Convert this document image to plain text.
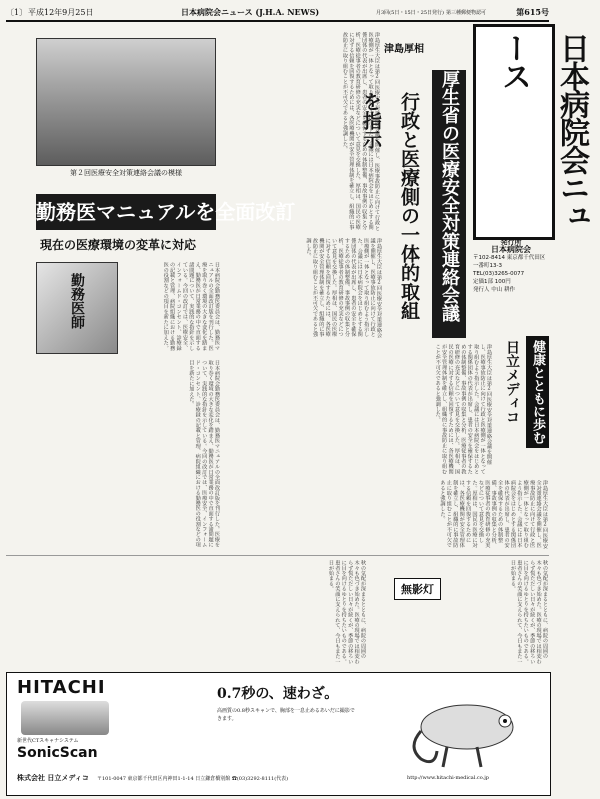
〔1〕 平成12年9月25日	日本病院会ニュース (J.H.A. NEWS)	月3回(5日・15日・25日発行) 第三種郵便物認可	第615号
日本病院会ニュース
発行所
日本病院会
〒102-8414 東京都千代田区一番町13-3
TEL(03)3265-0077
定価1部 100円
発行人 中山 耕作
健康とともに歩む
日立メディコ
厚生省の医療安全対策連絡会議
行政と医療側の一体的取組を指示
津島厚相
津島厚生大臣は第2回医療安全対策連絡会議を開催し、医療事故防止に向けて行政と医療側が一体となって取り組むよう指示した。会議には日本病院会をはじめとする関係団体の代表が出席し、患者の安全を確保するための体制整備、事故事例の収集と分析、医療従事者の教育研修の充実などについて意見を交換した。厚相は、国民の医療に対する信頼を回復するためには、各医療機関が安全管理体制を確立し、組織的に事故防止に取り組むことが不可欠であると強調した。
第２回医療安全対策連絡会議の模様
津島厚生大臣は第2回医療安全対策連絡会議を開催し、医療事故防止に向けて行政と医療側が一体となって取り組むよう指示した。会議には日本病院会をはじめとする関係団体の代表が出席し、患者の安全を確保するための体制整備、事故事例の収集と分析、医療従事者の教育研修の充実などについて意見を交換した。厚相は、国民の医療に対する信頼を回復するためには、各医療機関が安全管理体制を確立し、組織的に事故防止に取り組むことが不可欠であると強調した。
勤務医マニュアルを全面改訂
現在の医療環境の変革に対応
勤務医師	日本病院会勤務医委員会は、勤務医マニュアルの全面改訂版を刊行した。医療を取り巻く環境の大きな変化を踏まえ、勤務医が日常業務の中で直面する諸問題について、実践的な指針を示している。今回の改訂では、医療安全、インフォームド・コンセント、診療録の記載と管理、病院組織における勤務医の役割などの項目を新たに加えた。
日本病院会勤務医委員会は、勤務医マニュアルの全面改訂版を刊行した。医療を取り巻く環境の大きな変化を踏まえ、勤務医が日常業務の中で直面する諸問題について、実践的な指針を示している。今回の改訂では、医療安全、インフォームド・コンセント、診療録の記載と管理、病院組織における勤務医の役割などの項目を新たに加えた。	津島厚生大臣は第2回医療安全対策連絡会議を開催し、医療事故防止に向けて行政と医療側が一体となって取り組むよう指示した。会議には日本病院会をはじめとする関係団体の代表が出席し、患者の安全を確保するための体制整備、事故事例の収集と分析、医療従事者の教育研修の充実などについて意見を交換した。厚相は、国民の医療に対する信頼を回復するためには、各医療機関が安全管理体制を確立し、組織的に事故防止に取り組むことが不可欠であると強調した。
津島厚生大臣は第2回医療安全対策連絡会議を開催し、医療事故防止に向けて行政と医療側が一体となって取り組むよう指示した。会議には日本病院会をはじめとする関係団体の代表が出席し、患者の安全を確保するための体制整備、事故事例の収集と分析、医療従事者の教育研修の充実などについて意見を交換した。厚相は、国民の医療に対する信頼を回復するためには、各医療機関が安全管理体制を確立し、組織的に事故防止に取り組むことが不可欠であると強調した。
秋の気配が深まるとともに、病院の周囲の木々も色づき始めた。医療の現場では相変わらず慌ただしい日々が続くが、季節の移ろいに目を向けるゆとりを持ちたいものである。患者さんの笑顔に支えられて、今日もまた一日が始まる。	無影灯	秋の気配が深まるとともに、病院の周囲の木々も色づき始めた。医療の現場では相変わらず慌ただしい日々が続くが、季節の移ろいに目を向けるゆとりを持ちたいものである。患者さんの笑顔に支えられて、今日もまた一日が始まる。
HITACHI
新世代CTスキャナシステム
SonicScan
0.7秒の、速わざ。
高画質の0.8秒スキャンで、胸部を一息止めるあいだに撮影できます。
株式会社 日立メディコ 〒101-0047 東京都千代田区内神田1-1-14 日立鎌倉橋別館 ☎(03)3292-8111(代表)	http://www.hitachi-medical.co.jp
